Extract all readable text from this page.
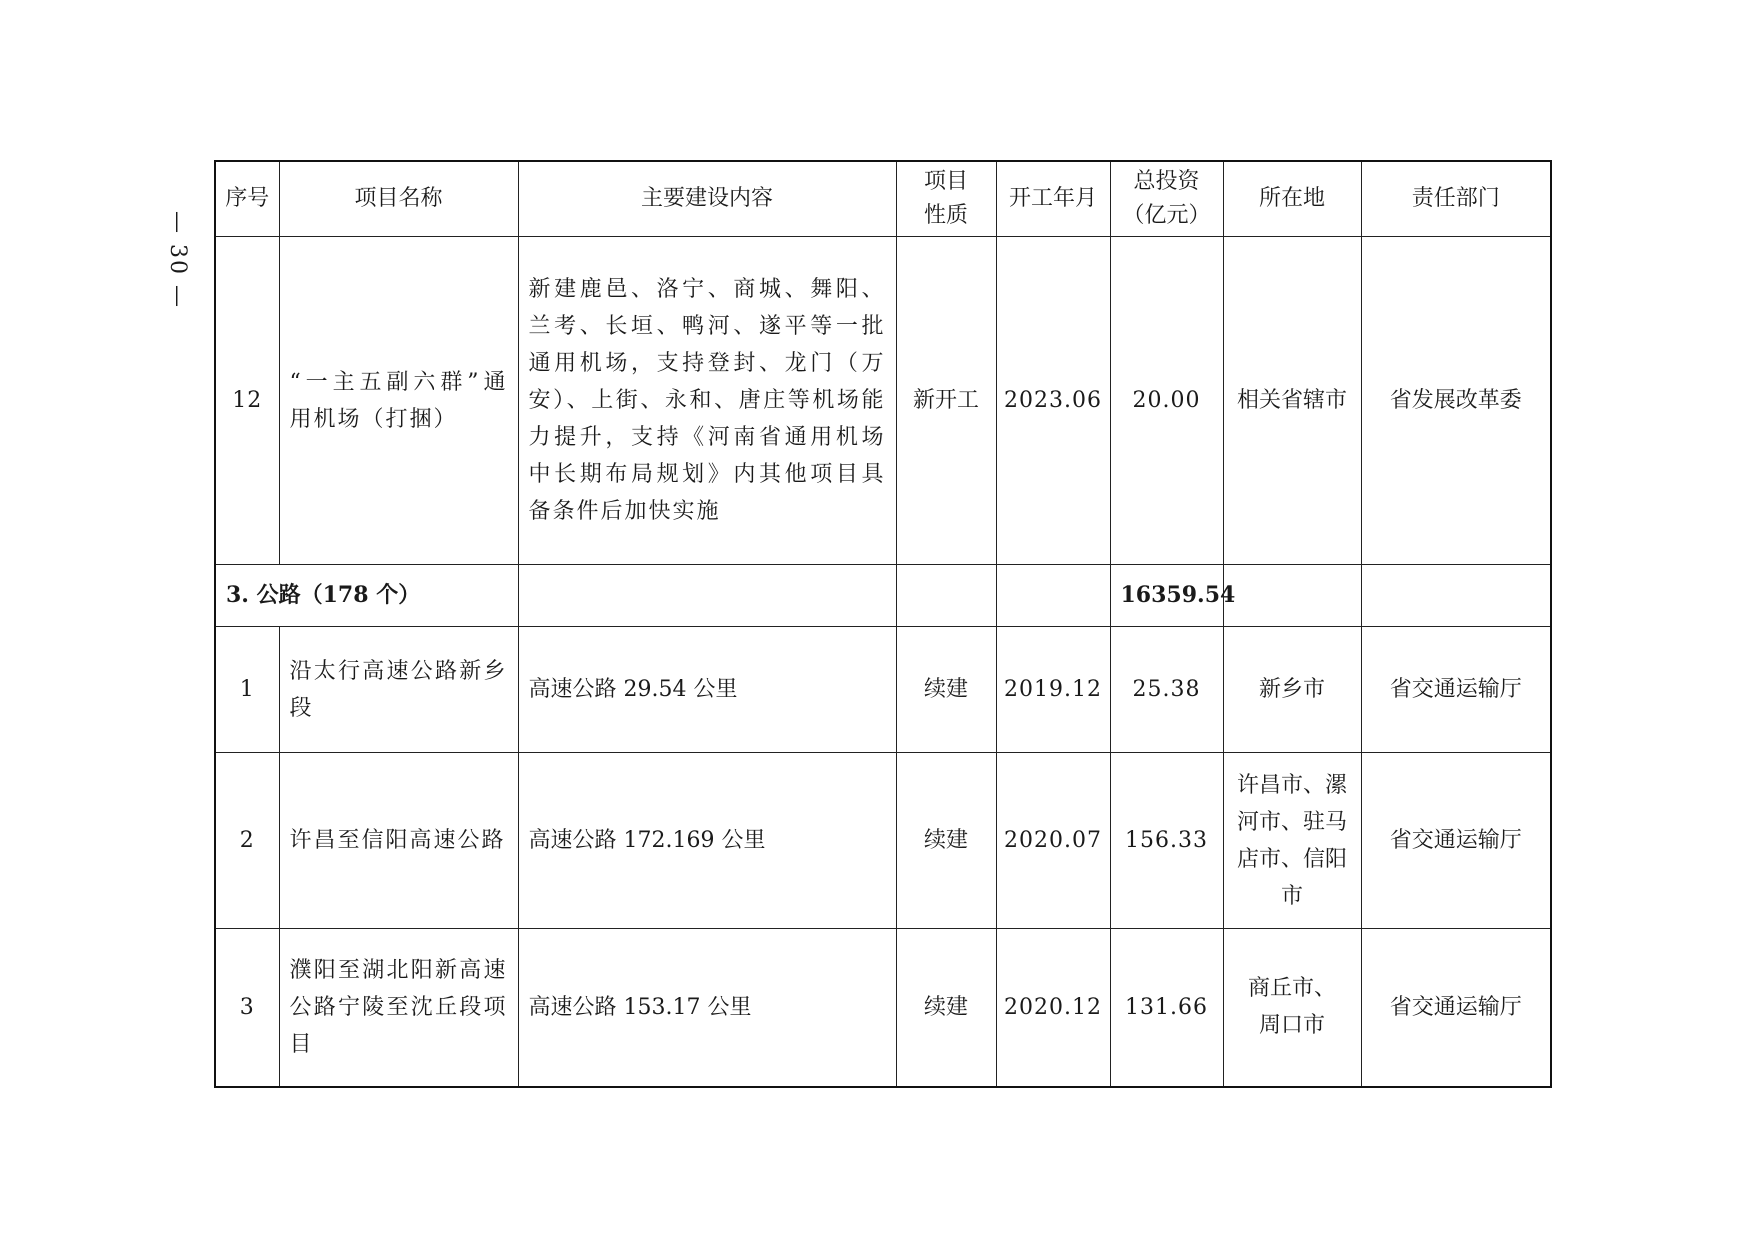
— 30 —
序号	项目名称	主要建设内容	项目性质	开工年月	总投资（亿元）	所在地	责任部门
12	“一主五副六群”通用机场（打捆）	新建鹿邑、洛宁、商城、舞阳、兰考、长垣、鸭河、遂平等一批通用机场，支持登封、龙门（万安）、上街、永和、唐庄等机场能力提升，支持《河南省通用机场中长期布局规划》内其他项目具备条件后加快实施	新开工	2023.06	20.00	相关省辖市	省发展改革委
3. 公路（178 个）					16359.54		
1	沿太行高速公路新乡段	高速公路 29.54 公里	续建	2019.12	25.38	新乡市	省交通运输厅
2	许昌至信阳高速公路	高速公路 172.169 公里	续建	2020.07	156.33	许昌市、漯河市、驻马店市、信阳市	省交通运输厅
3	濮阳至湖北阳新高速公路宁陵至沈丘段项目	高速公路 153.17 公里	续建	2020.12	131.66	商丘市、周口市	省交通运输厅
